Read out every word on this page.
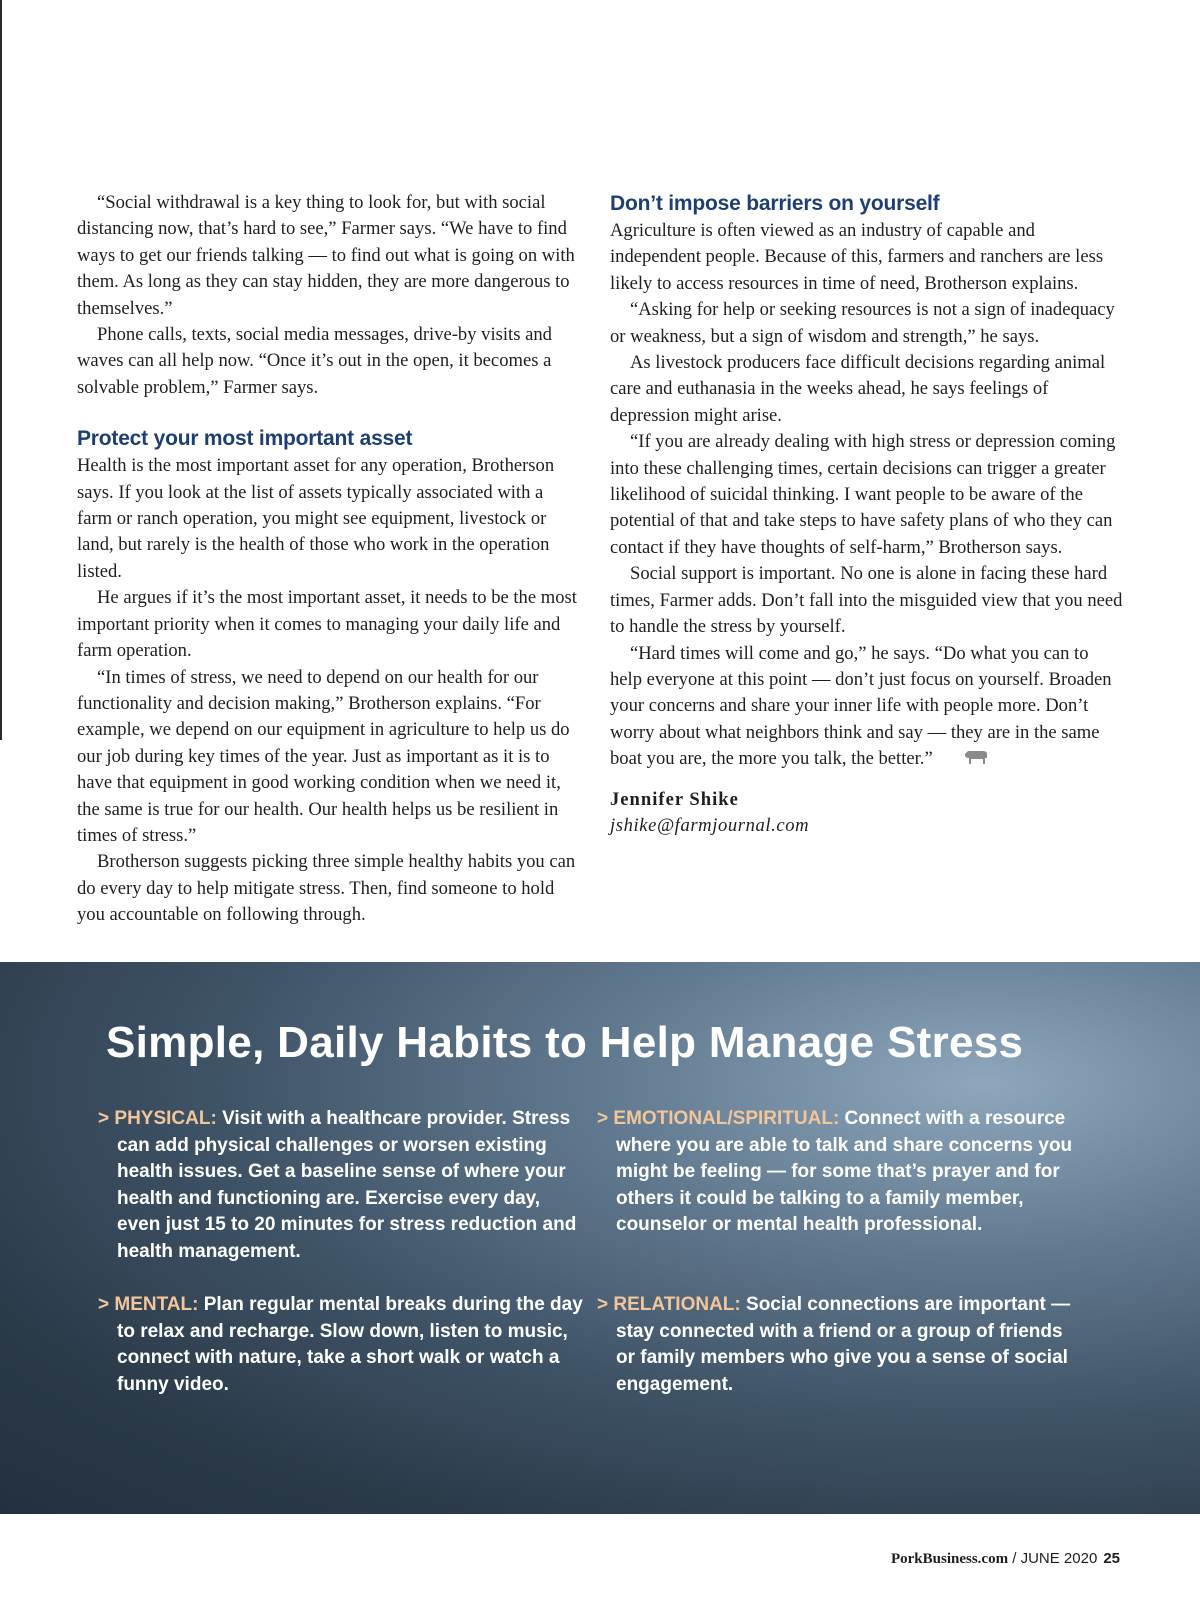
“Social withdrawal is a key thing to look for, but with social distancing now, that’s hard to see,” Farmer says. “We have to find ways to get our friends talking — to find out what is going on with them. As long as they can stay hidden, they are more dangerous to themselves.”

Phone calls, texts, social media messages, drive-by visits and waves can all help now. “Once it’s out in the open, it becomes a solvable problem,” Farmer says.

Protect your most important asset

Health is the most important asset for any operation, Brotherson says. If you look at the list of assets typically associated with a farm or ranch operation, you might see equipment, livestock or land, but rarely is the health of those who work in the operation listed.

He argues if it’s the most important asset, it needs to be the most important priority when it comes to managing your daily life and farm operation.

“In times of stress, we need to depend on our health for our functionality and decision making,” Brotherson explains. “For example, we depend on our equipment in agriculture to help us do our job during key times of the year. Just as important as it is to have that equipment in good working condition when we need it, the same is true for our health. Our health helps us be resilient in times of stress.”

Brotherson suggests picking three simple healthy habits you can do every day to help mitigate stress. Then, find someone to hold you accountable on following through.

Don’t impose barriers on yourself

Agriculture is often viewed as an industry of capable and independent people. Because of this, farmers and ranchers are less likely to access resources in time of need, Brotherson explains.

“Asking for help or seeking resources is not a sign of inadequacy or weakness, but a sign of wisdom and strength,” he says.

As livestock producers face difficult decisions regarding animal care and euthanasia in the weeks ahead, he says feelings of depression might arise.

“If you are already dealing with high stress or depression coming into these challenging times, certain decisions can trigger a greater likelihood of suicidal thinking. I want people to be aware of the potential of that and take steps to have safety plans of who they can contact if they have thoughts of self-harm,” Brotherson says.

Social support is important. No one is alone in facing these hard times, Farmer adds. Don’t fall into the misguided view that you need to handle the stress by yourself.

“Hard times will come and go,” he says. “Do what you can to help everyone at this point — don’t just focus on yourself. Broaden your concerns and share your inner life with people more. Don’t worry about what neighbors think and say — they are in the same boat you are, the more you talk, the better.”

Jennifer Shike
jshike@farmjournal.com
Simple, Daily Habits to Help Manage Stress
> PHYSICAL: Visit with a healthcare provider. Stress can add physical challenges or worsen existing health issues. Get a baseline sense of where your health and functioning are. Exercise every day, even just 15 to 20 minutes for stress reduction and health management.
> MENTAL: Plan regular mental breaks during the day to relax and recharge. Slow down, listen to music, connect with nature, take a short walk or watch a funny video.
> EMOTIONAL/SPIRITUAL: Connect with a resource where you are able to talk and share concerns you might be feeling — for some that’s prayer and for others it could be talking to a family member, counselor or mental health professional.
> RELATIONAL: Social connections are important — stay connected with a friend or a group of friends or family members who give you a sense of social engagement.
PorkBusiness.com / JUNE 2020 25
